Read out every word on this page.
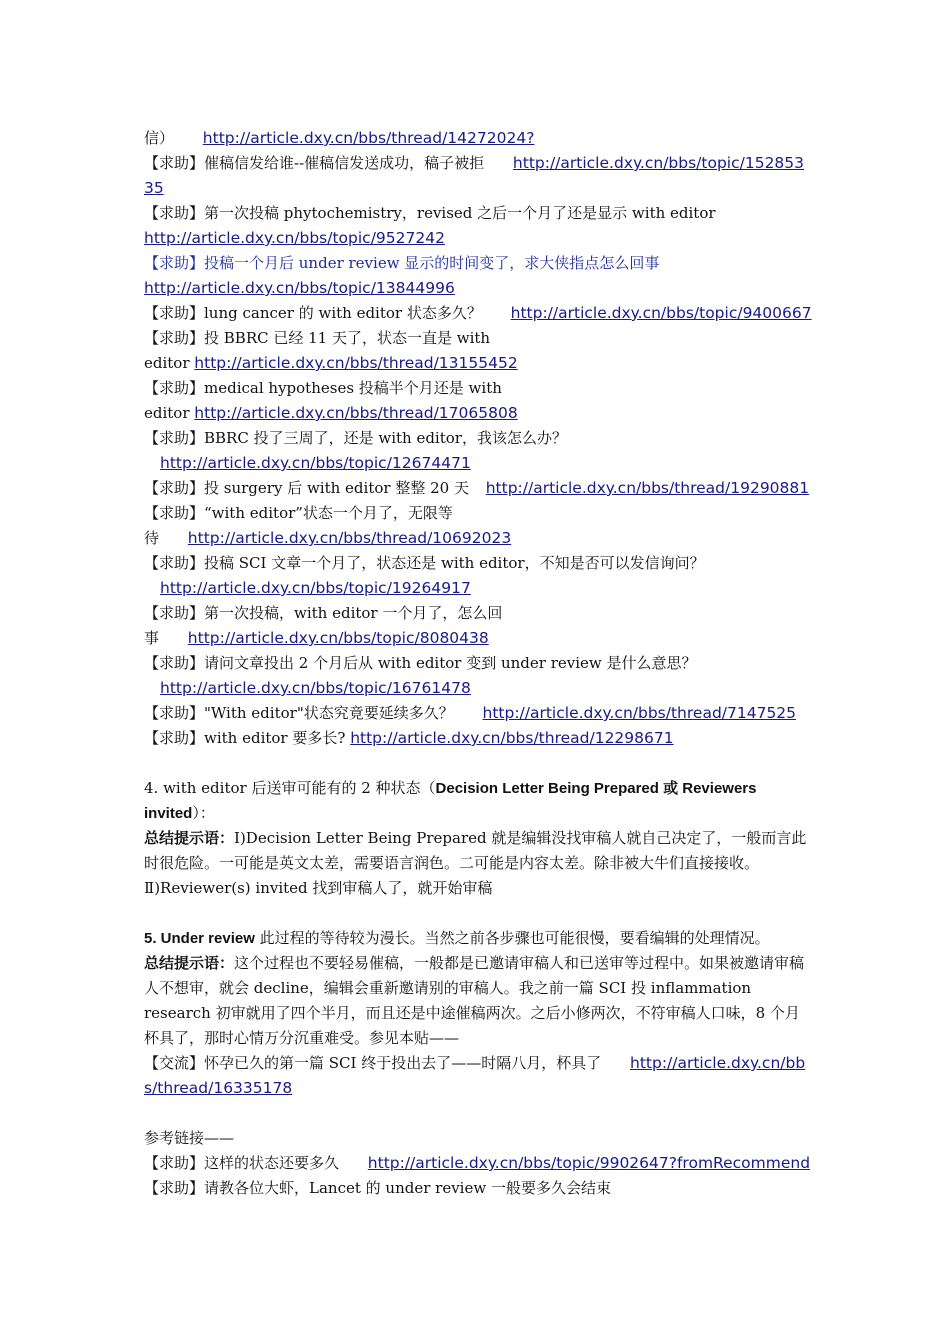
信） http://article.dxy.cn/bbs/thread/14272024?
【求助】催稿信发给谁--催稿信发送成功，稿子被拒 http://article.dxy.cn/bbs/topic/152853
35
【求助】第一次投稿 phytochemistry，revised 之后一个月了还是显示 with editor
http://article.dxy.cn/bbs/topic/9527242
【求助】投稿一个月后 under review 显示的时间变了，求大侠指点怎么回事
http://article.dxy.cn/bbs/topic/13844996
【求助】lung cancer 的 with editor 状态多久？ http://article.dxy.cn/bbs/topic/9400667
【求助】投 BBRC 已经 11 天了，状态一直是 with
editor http://article.dxy.cn/bbs/thread/13155452
【求助】medical hypotheses 投稿半个月还是 with
editor http://article.dxy.cn/bbs/thread/17065808
【求助】BBRC 投了三周了，还是 with editor，我该怎么办？
http://article.dxy.cn/bbs/topic/12674471
【求助】投 surgery 后 with editor 整整 20 天 http://article.dxy.cn/bbs/thread/19290881
【求助】“with editor”状态一个月了，无限等
待 http://article.dxy.cn/bbs/thread/10692023
【求助】投稿 SCI 文章一个月了，状态还是 with editor，不知是否可以发信询问？
http://article.dxy.cn/bbs/topic/19264917
【求助】第一次投稿，with editor 一个月了，怎么回
事 http://article.dxy.cn/bbs/topic/8080438
【求助】请问文章投出 2 个月后从 with editor 变到 under review 是什么意思？
http://article.dxy.cn/bbs/topic/16761478
【求助】"With editor"状态究竟要延续多久？ http://article.dxy.cn/bbs/thread/7147525
【求助】with editor 要多长? http://article.dxy.cn/bbs/thread/12298671
4. with editor 后送审可能有的 2 种状态（Decision Letter Being Prepared 或 Reviewers invited）：
总结提示语：Ⅰ)Decision Letter Being Prepared 就是编辑没找审稿人就自己决定了，一般而言此时很危险。一可能是英文太差，需要语言润色。二可能是内容太差。除非被大牛们直接接收。
Ⅱ)Reviewer(s) invited 找到审稿人了，就开始审稿
5. Under review 此过程的等待较为漫长。当然之前各步骤也可能很慢，要看编辑的处理情况。
总结提示语：这个过程也不要轻易催稿，一般都是已邀请审稿人和已送审等过程中。如果被邀请审稿人不想审，就会 decline，编辑会重新邀请别的审稿人。我之前一篇 SCI 投 inflammation research 初审就用了四个半月，而且还是中途催稿两次。之后小修两次，不符审稿人口味，8 个月杯具了，那时心情万分沉重难受。参见本贴——
【交流】怀孕已久的第一篇 SCI 终于投出去了——时隔八月，杯具了 http://article.dxy.cn/bbs/thread/16335178
参考链接——
【求助】这样的状态还要多久 http://article.dxy.cn/bbs/topic/9902647?fromRecommend
【求助】请教各位大虾，Lancet 的 under review 一般要多久会结束
